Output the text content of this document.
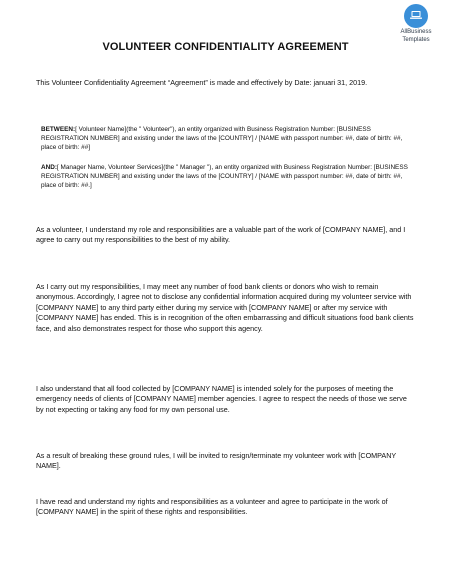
AllBusiness
Templates
VOLUNTEER CONFIDENTIALITY AGREEMENT
This Volunteer Confidentiality Agreement “Agreement” is made and effectively by Date: januari 31, 2019.
BETWEEN:[ Volunteer Name](the " Volunteer"), an entity organized with Business Registration Number: [BUSINESS REGISTRATION NUMBER] and existing under the laws of the [COUNTRY] / [NAME with passport number: ##, date of birth: ##, place of birth: ##]
AND:[ Manager Name, Volunteer Services](the " Manager "), an entity organized with Business Registration Number: [BUSINESS REGISTRATION NUMBER] and existing under the laws of the [COUNTRY] / [NAME with passport number: ##, date of birth: ##, place of birth: ##.]
As a volunteer, I understand my role and responsibilities are a valuable part of the work of [COMPANY NAME], and I agree to carry out my responsibilities to the best of my ability.
As I carry out my responsibilities, I may meet any number of food bank clients or donors who wish to remain anonymous. Accordingly, I agree not to disclose any confidential information acquired during my volunteer service with [COMPANY NAME] to any third party either during my service with [COMPANY NAME] or after my service with [COMPANY NAME] has ended. This is in recognition of the often embarrassing and difficult situations food bank clients face, and also demonstrates respect for those who support this agency.
I also understand that all food collected by [COMPANY NAME] is intended solely for the purposes of meeting the emergency needs of clients of [COMPANY NAME] member agencies. I agree to respect the needs of those we serve by not expecting or taking any food for my own personal use.
As a result of breaking these ground rules, I will be invited to resign/terminate my volunteer work with [COMPANY NAME].
I have read and understand my rights and responsibilities as a volunteer and agree to participate in the work of [COMPANY NAME] in the spirit of these rights and responsibilities.
